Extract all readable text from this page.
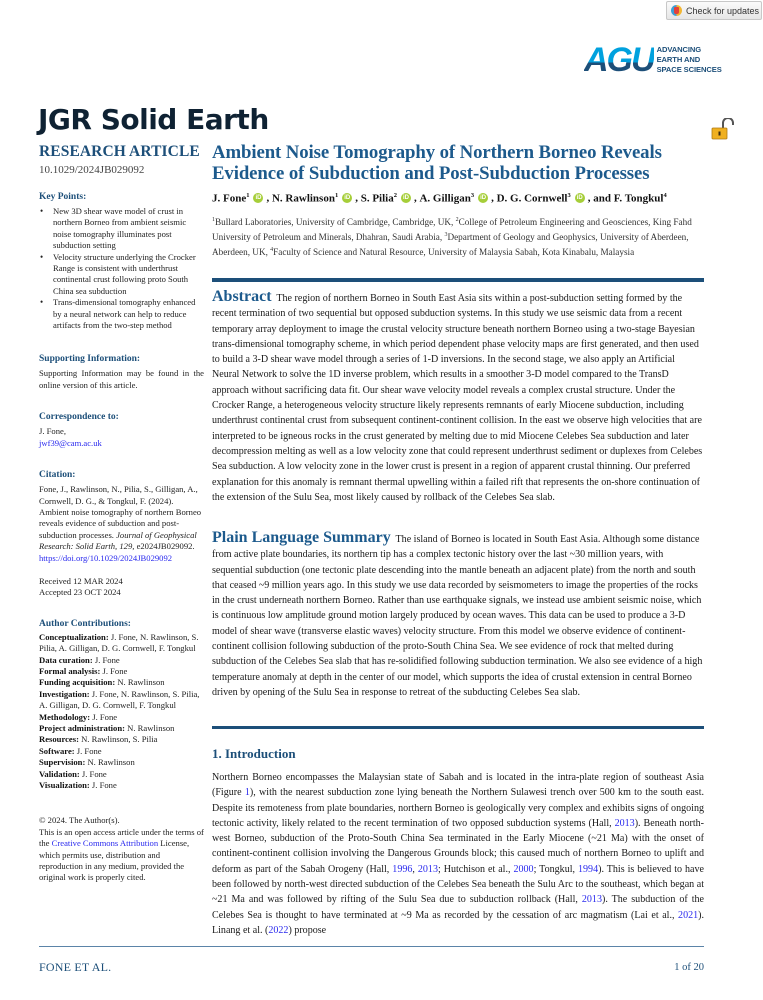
Check for updates
AGU ADVANCING
EARTH AND
SPACE SCIENCES
JGR Solid Earth
RESEARCH ARTICLE
10.1029/2024JB029092
Key Points:
• New 3D shear wave model of crust in northern Borneo from ambient seismic noise tomography illuminates post subduction setting
• Velocity structure underlying the Crocker Range is consistent with underthrust continental crust following proto South China sea subduction
• Trans-dimensional tomography enhanced by a neural network can help to reduce artifacts from the two-step method
Supporting Information:
Supporting Information may be found in the online version of this article.
Correspondence to:
J. Fone,
jwf39@cam.ac.uk
Citation:
Fone, J., Rawlinson, N., Pilia, S., Gilligan, A., Cornwell, D. G., & Tongkul, F. (2024). Ambient noise tomography of northern Borneo reveals evidence of subduction and post-subduction processes. Journal of Geophysical Research: Solid Earth, 129, e2024JB029092. https://doi.org/10.1029/2024JB029092
Received 12 MAR 2024
Accepted 23 OCT 2024
Author Contributions:
Conceptualization: J. Fone, N. Rawlinson, S. Pilia, A. Gilligan, D. G. Cornwell, F. Tongkul
Data curation: J. Fone
Formal analysis: J. Fone
Funding acquisition: N. Rawlinson
Investigation: J. Fone, N. Rawlinson, S. Pilia, A. Gilligan, D. G. Cornwell, F. Tongkul
Methodology: J. Fone
Project administration: N. Rawlinson
Resources: N. Rawlinson, S. Pilia
Software: J. Fone
Supervision: N. Rawlinson
Validation: J. Fone
Visualization: J. Fone
© 2024. The Author(s).
This is an open access article under the terms of the Creative Commons Attribution License, which permits use, distribution and reproduction in any medium, provided the original work is properly cited.
Ambient Noise Tomography of Northern Borneo Reveals Evidence of Subduction and Post-Subduction Processes
J. Fone$^1$	iD , N. Rawlinson$^1$	iD , S. Pilia$^2$	iD , A. Gilligan$^3$	iD , D. G. Cornwell$^3$	iD , and F. Tongkul$^4$
$^1$Bullard Laboratories, University of Cambridge, Cambridge, UK, $^2$College of Petroleum Engineering and Geosciences, King Fahd University of Petroleum and Minerals, Dhahran, Saudi Arabia, $^3$Department of Geology and Geophysics, University of Aberdeen, Aberdeen, UK, $^4$Faculty of Science and Natural Resource, University of Malaysia Sabah, Kota Kinabalu, Malaysia
Abstract The region of northern Borneo in South East Asia sits within a post-subduction setting formed by the recent termination of two sequential but opposed subduction systems. In this study we use seismic data from a recent temporary array deployment to image the crustal velocity structure beneath northern Borneo using a two-stage Bayesian trans-dimensional tomography scheme, in which period dependent phase velocity maps are first generated, and then used to build a 3-D shear wave model through a series of 1-D inversions. In the second stage, we also apply an Artificial Neural Network to solve the 1D inverse problem, which results in a smoother 3-D model compared to the TransD approach without sacrificing data fit. Our shear wave velocity model reveals a complex crustal structure. Under the Crocker Range, a heterogeneous velocity structure likely represents remnants of early Miocene subduction, including underthrust continental crust from subsequent continent-continent collision. In the east we observe high velocities that are interpreted to be igneous rocks in the crust generated by melting due to mid Miocene Celebes Sea subduction and later decompression melting as well as a low velocity zone that could represent underthrust sediment or duplexes from Celebes Sea subduction. A low velocity zone in the lower crust is present in a region of apparent crustal thinning. Our preferred explanation for this anomaly is remnant thermal upwelling within a failed rift that represents the on-shore continuation of the extension of the Sulu Sea, most likely caused by rollback of the Celebes Sea slab.
Plain Language Summary The island of Borneo is located in South East Asia. Although some distance from active plate boundaries, its northern tip has a complex tectonic history over the last ~30 million years, with sequential subduction (one tectonic plate descending into the mantle beneath an adjacent plate) from the north and south that ceased ~9 million years ago. In this study we use data recorded by seismometers to image the properties of the rocks in the crust underneath northern Borneo. Rather than use earthquake signals, we instead use ambient seismic noise, which is continuous low amplitude ground motion largely produced by ocean waves. This data can be used to produce a 3-D model of shear wave (transverse elastic waves) velocity structure. From this model we observe evidence of continent-continent collision following subduction of the proto-South China Sea. We see evidence of rock that melted during subduction of the Celebes Sea slab that has re-solidified following subduction termination. We also see evidence of a high temperature anomaly at depth in the center of our model, which supports the idea of crustal extension in central Borneo driven by opening of the Sulu Sea in response to retreat of the subducting Celebes Sea slab.
1. Introduction
Northern Borneo encompasses the Malaysian state of Sabah and is located in the intra-plate region of southeast Asia (Figure 1), with the nearest subduction zone lying beneath the Northern Sulawesi trench over 500 km to the south east. Despite its remoteness from plate boundaries, northern Borneo is geologically very complex and exhibits signs of ongoing tectonic activity, likely related to the recent termination of two opposed subduction systems (Hall, 2013). Beneath north-west Borneo, subduction of the Proto-South China Sea terminated in the Early Miocene (~21 Ma) with the onset of continent-continent collision involving the Dangerous Grounds block; this caused much of northern Borneo to uplift and deform as part of the Sabah Orogeny (Hall, 1996, 2013; Hutchison et al., 2000; Tongkul, 1994). This is believed to have been followed by north-west directed subduction of the Celebes Sea beneath the Sulu Arc to the southeast, which began at ~21 Ma and was followed by rifting of the Sulu Sea due to subduction rollback (Hall, 2013). The subduction of the Celebes Sea is thought to have terminated at ~9 Ma as recorded by the cessation of arc magmatism (Lai et al., 2021). Linang et al. (2022) propose
FONE ET AL.	1 of 20
